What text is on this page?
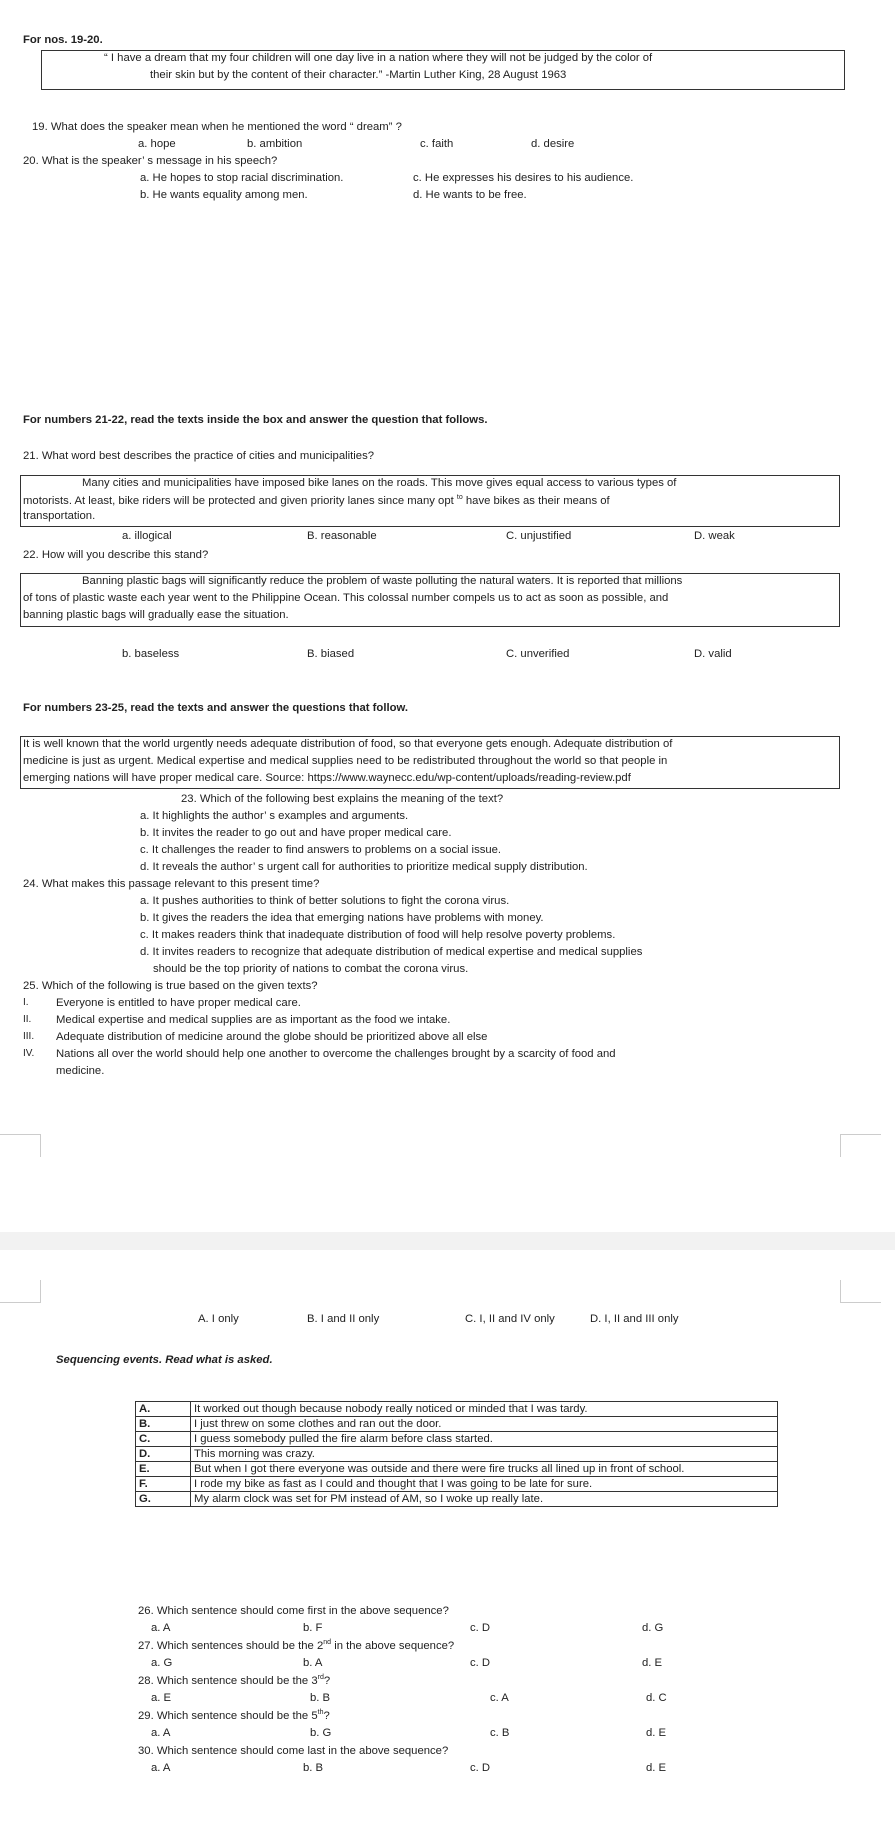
For nos. 19-20.
“ I have a dream that my four children will one day live in a nation where they will not be judged by the color of
their skin but by the content of their character.” -Martin Luther King, 28 August 1963
19. What does the speaker mean when he mentioned the word “ dream” ?
a. hope	b. ambition	c. faith	d. desire
20. What is the speaker’ s message in his speech?
a. He hopes to stop racial discrimination.	c. He expresses his desires to his audience.
b. He wants equality among men.	d. He wants to be free.
For numbers 21-22, read the texts inside the box and answer the question that follows.
21. What word best describes the practice of cities and municipalities?
Many cities and municipalities have imposed bike lanes on the roads. This move gives equal access to various types of
motorists. At least, bike riders will be protected and given priority lanes since many opt $^{to}$ have bikes as their means of
transportation.
a. illogical	B. reasonable	C. unjustified	D. weak
22. How will you describe this stand?
Banning plastic bags will significantly reduce the problem of waste polluting the natural waters. It is reported that millions
of tons of plastic waste each year went to the Philippine Ocean. This colossal number compels us to act as soon as possible, and
banning plastic bags will gradually ease the situation.
b. baseless	B. biased	C. unverified	D. valid
For numbers 23-25, read the texts and answer the questions that follow.
It is well known that the world urgently needs adequate distribution of food, so that everyone gets enough. Adequate distribution of
medicine is just as urgent. Medical expertise and medical supplies need to be redistributed throughout the world so that people in
emerging nations will have proper medical care. Source: https://www.waynecc.edu/wp-content/uploads/reading-review.pdf
23. Which of the following best explains the meaning of the text?
a. It highlights the author’ s examples and arguments.
b. It invites the reader to go out and have proper medical care.
c. It challenges the reader to find answers to problems on a social issue.
d. It reveals the author’ s urgent call for authorities to prioritize medical supply distribution.
24. What makes this passage relevant to this present time?
a. It pushes authorities to think of better solutions to fight the corona virus.
b. It gives the readers the idea that emerging nations have problems with money.
c. It makes readers think that inadequate distribution of food will help resolve poverty problems.
d. It invites readers to recognize that adequate distribution of medical expertise and medical supplies
should be the top priority of nations to combat the corona virus.
25. Which of the following is true based on the given texts?
I. Everyone is entitled to have proper medical care.
II. Medical expertise and medical supplies are as important as the food we intake.
III. Adequate distribution of medicine around the globe should be prioritized above all else
IV. Nations all over the world should help one another to overcome the challenges brought by a scarcity of food and
medicine.
A. I only	B. I and II only	C. I, II and IV only	D. I, II and III only
Sequencing events. Read what is asked.
A.	It worked out though because nobody really noticed or minded that I was tardy.
B.	I just threw on some clothes and ran out the door.
C.	I guess somebody pulled the fire alarm before class started.
D.	This morning was crazy.
E.	But when I got there everyone was outside and there were fire trucks all lined up in front of school.
F.	I rode my bike as fast as I could and thought that I was going to be late for sure.
G.	My alarm clock was set for PM instead of AM, so I woke up really late.
26. Which sentence should come first in the above sequence?
a. A	b. F	c. D	d. G
27. Which sentences should be the 2nd in the above sequence?
a. G	b. A	c. D	d. E
28. Which sentence should be the 3rd?
a. E	b. B	c. A	d. C
29. Which sentence should be the 5th?
a. A	b. G	c. B	d. E
30. Which sentence should come last in the above sequence?
a. A	b. B	c. D	d. E
